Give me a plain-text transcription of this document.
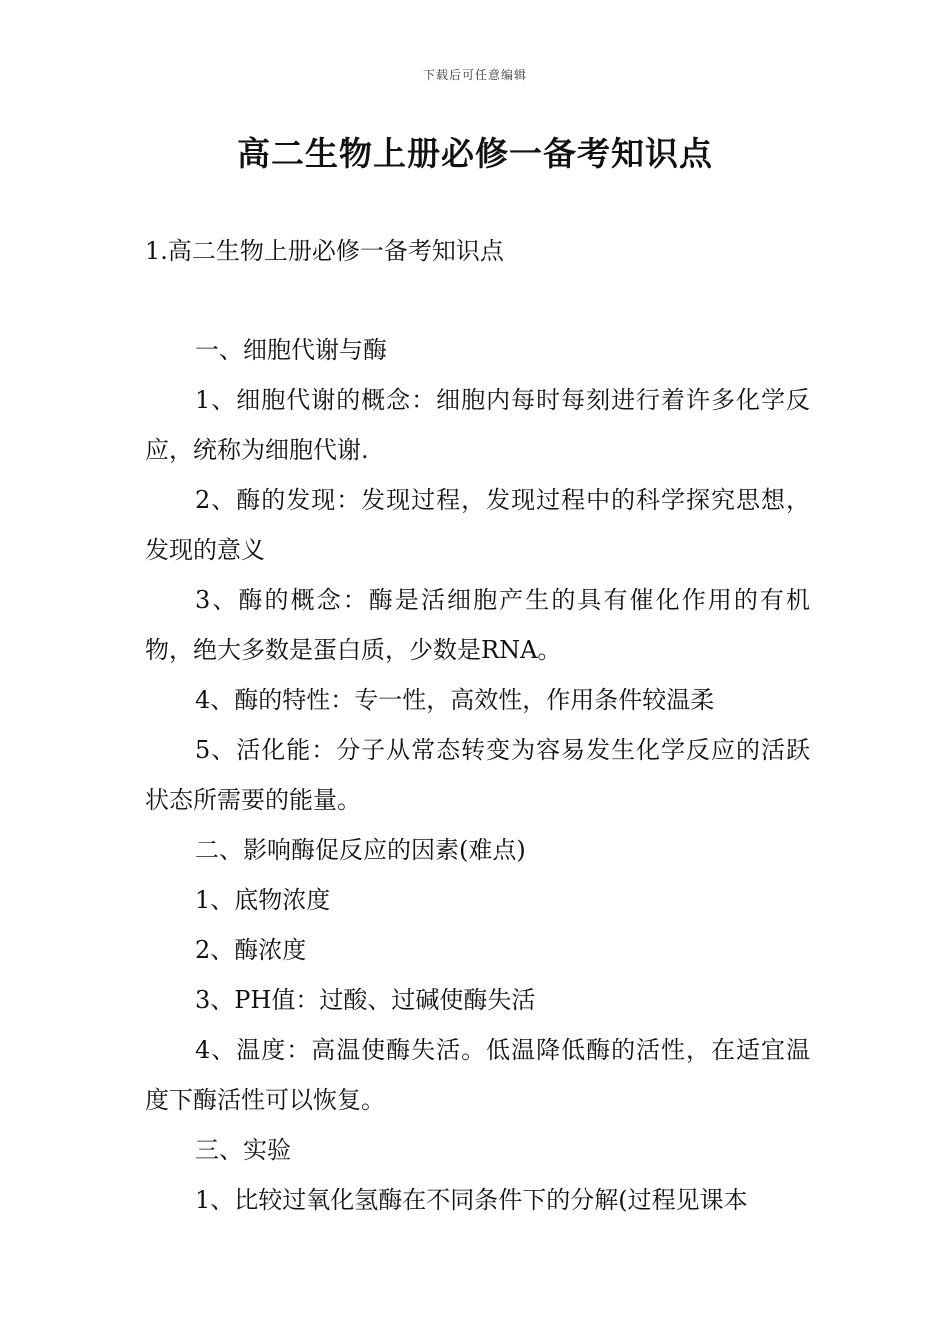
下载后可任意编辑
高二生物上册必修一备考知识点
1.高二生物上册必修一备考知识点

一、细胞代谢与酶

1、细胞代谢的概念：细胞内每时每刻进行着许多化学反应，统称为细胞代谢.

2、酶的发现：发现过程，发现过程中的科学探究思想，发现的意义

3、酶的概念：酶是活细胞产生的具有催化作用的有机物，绝大多数是蛋白质，少数是RNA。

4、酶的特性：专一性，高效性，作用条件较温柔

5、活化能：分子从常态转变为容易发生化学反应的活跃状态所需要的能量。

二、影响酶促反应的因素(难点)

1、底物浓度

2、酶浓度

3、PH值：过酸、过碱使酶失活

4、温度：高温使酶失活。低温降低酶的活性，在适宜温度下酶活性可以恢复。

三、实验

1、比较过氧化氢酶在不同条件下的分解(过程见课本
